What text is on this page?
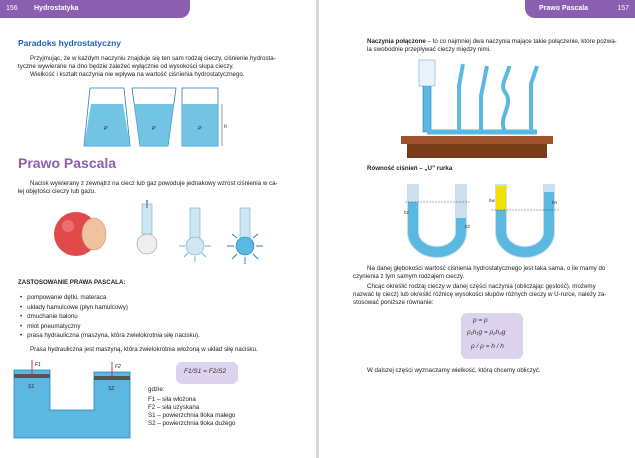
156 Hydrostatyka
Paradoks hydrostatyczny
Przyjmując, że w każdym naczyniu znajduje się ten sam rodzaj cieczy, ciśnienie hydrosta-
tyczne wywierane na dno będzie zależeć wyłącznie od wysokości słupa cieczy.
Wielkość i kształt naczynia nie wpływa na wartość ciśnienia hydrostatycznego.
P	P	P	h
Prawo Pascala
Nacisk wywierany z zewnątrz na ciecz lub gaz powoduje jednakowy wzrost ciśnienia w ca-
łej objętości cieczy lub gazu.
ZASTOSOWANIE PRAWA PASCALA:
• pompowanie dętki, materaca
• układy hamulcowe (płyn hamulcowy)
• dmuchanie balonu
• młot pneumatyczny
• prasa hydrauliczna (maszyna, która zwielokrotnia siłę nacisku).
Prasa hydrauliczna jest maszyną, która zwielokrotnia włożoną w układ siłę nacisku.
F1	F2
S1	S2
F1/S1 = F2/S2
gdzie:
F1 – siła włożona
F2 – siła uzyskana
S1 – powierzchnia tłoka małego
S2 – powierzchnia tłoka dużego
Prawo Pascala	157
Naczynia połączone – to co najmniej dwa naczynia mające takie połączenie, które pozwa-
la swobodnie przepływać cieczy między nimi.
Równość ciśnień – „U” rurka
h1
h2
hw	hn
Na danej głębokości wartość ciśnienia hydrostatycznego jest taka sama, o ile mamy do
czynienia z tym samym rodzajem cieczy.
Chcąc określić rodzaj cieczy w danej części naczynia (obliczając gęstość), możemy
nazwać tę ciecz) lub określić różnicę wysokości słupów różnych cieczy w U-rurce, należy za-
stosować poniższe równanie:
p = p
ρ₁h₁g = ρ₂h₂g
ρ / ρ = h / h
W dalszej części wyznaczamy wielkość, którą chcemy obliczyć.
